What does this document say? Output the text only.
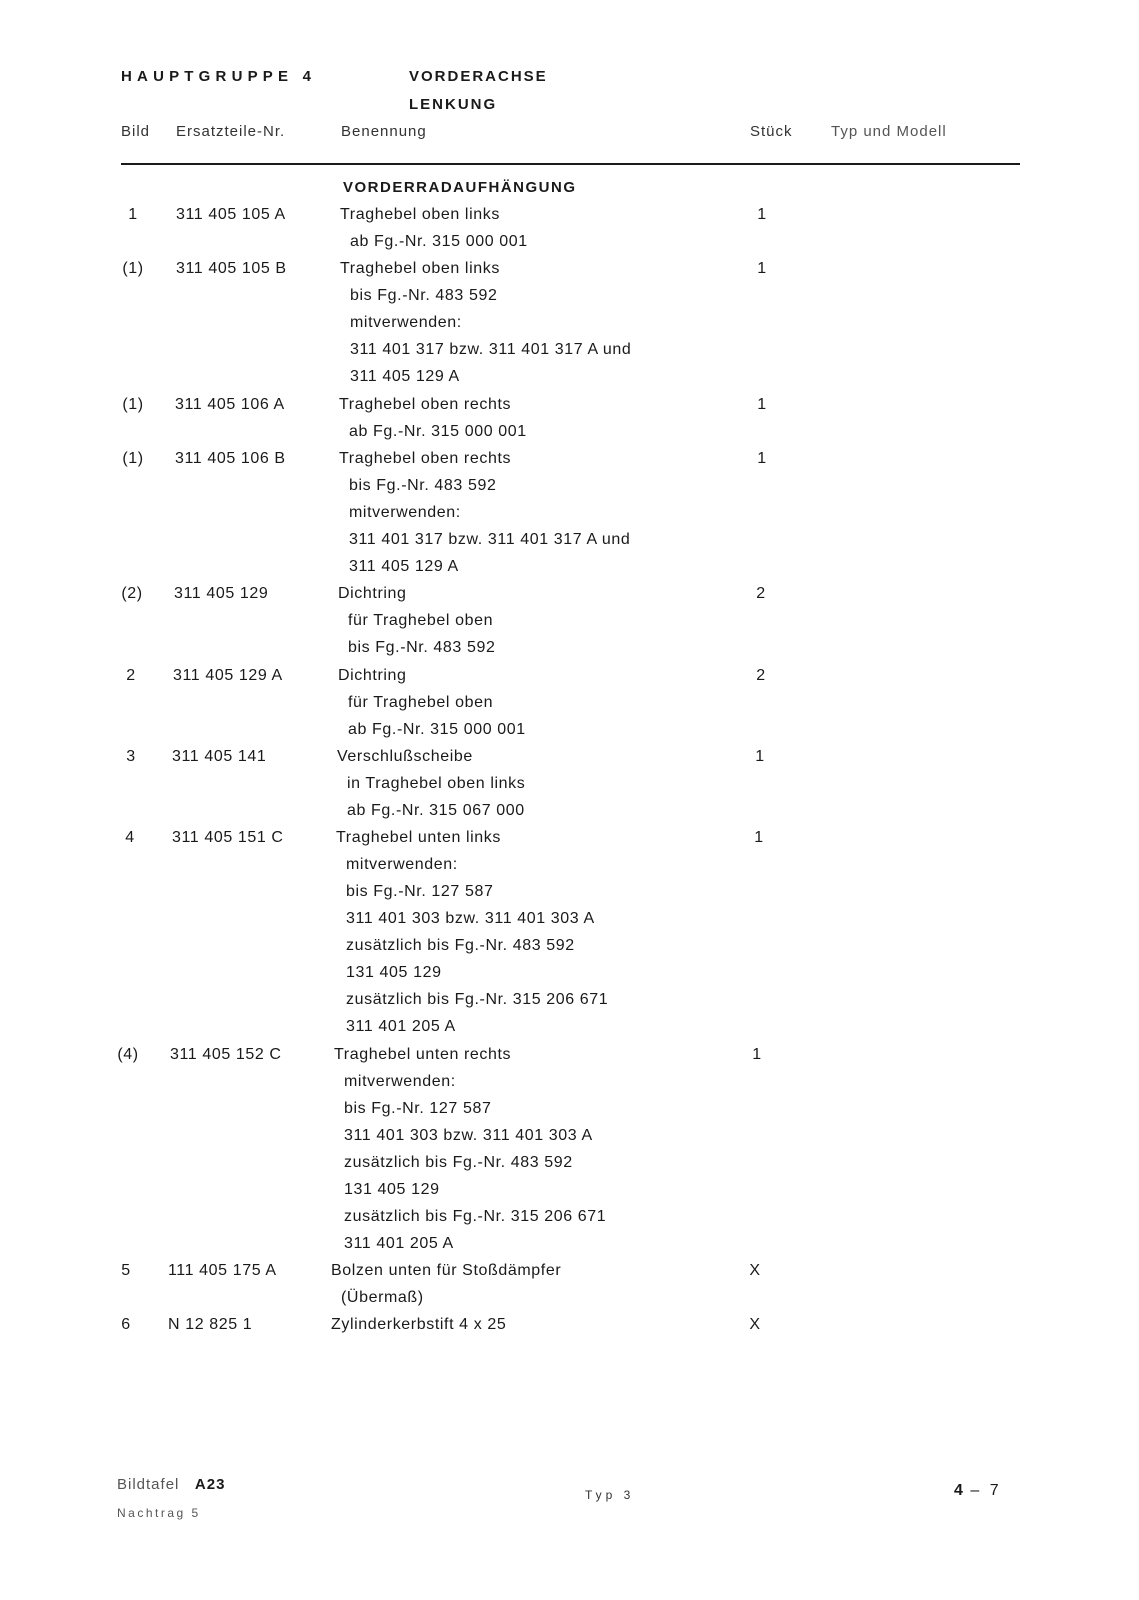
HAUPTGRUPPE 4	VORDERACHSE
LENKUNG
Bild Ersatzteile-Nr.	Benennung	Stück	Typ und Modell
VORDERRADAUFHÄNGUNG
1	311 405 105 A	Traghebel oben links	1
ab Fg.-Nr. 315 000 001
(1)	311 405 105 B	Traghebel oben links	1
bis Fg.-Nr. 483 592
mitverwenden:
311 401 317 bzw. 311 401 317 A und
311 405 129 A
(1)	311 405 106 A	Traghebel oben rechts	1
ab Fg.-Nr. 315 000 001
(1)	311 405 106 B	Traghebel oben rechts	1
bis Fg.-Nr. 483 592
mitverwenden:
311 401 317 bzw. 311 401 317 A und
311 405 129 A
(2)	311 405 129	Dichtring	2
für Traghebel oben
bis Fg.-Nr. 483 592
2	311 405 129 A	Dichtring	2
für Traghebel oben
ab Fg.-Nr. 315 000 001
3	311 405 141	Verschlußscheibe	1
in Traghebel oben links
ab Fg.-Nr. 315 067 000
4	311 405 151 C	Traghebel unten links	1
mitverwenden:
bis Fg.-Nr. 127 587
311 401 303 bzw. 311 401 303 A
zusätzlich bis Fg.-Nr. 483 592
131 405 129
zusätzlich bis Fg.-Nr. 315 206 671
311 401 205 A
(4)	311 405 152 C	Traghebel unten rechts	1
mitverwenden:
bis Fg.-Nr. 127 587
311 401 303 bzw. 311 401 303 A
zusätzlich bis Fg.-Nr. 483 592
131 405 129
zusätzlich bis Fg.-Nr. 315 206 671
311 401 205 A
5	111 405 175 A	Bolzen unten für Stoßdämpfer	X
(Übermaß)
6	N 12 825 1	Zylinderkerbstift 4 x 25	X
Bildtafel A23
Nachtrag 5
Typ 3	4 – 7
